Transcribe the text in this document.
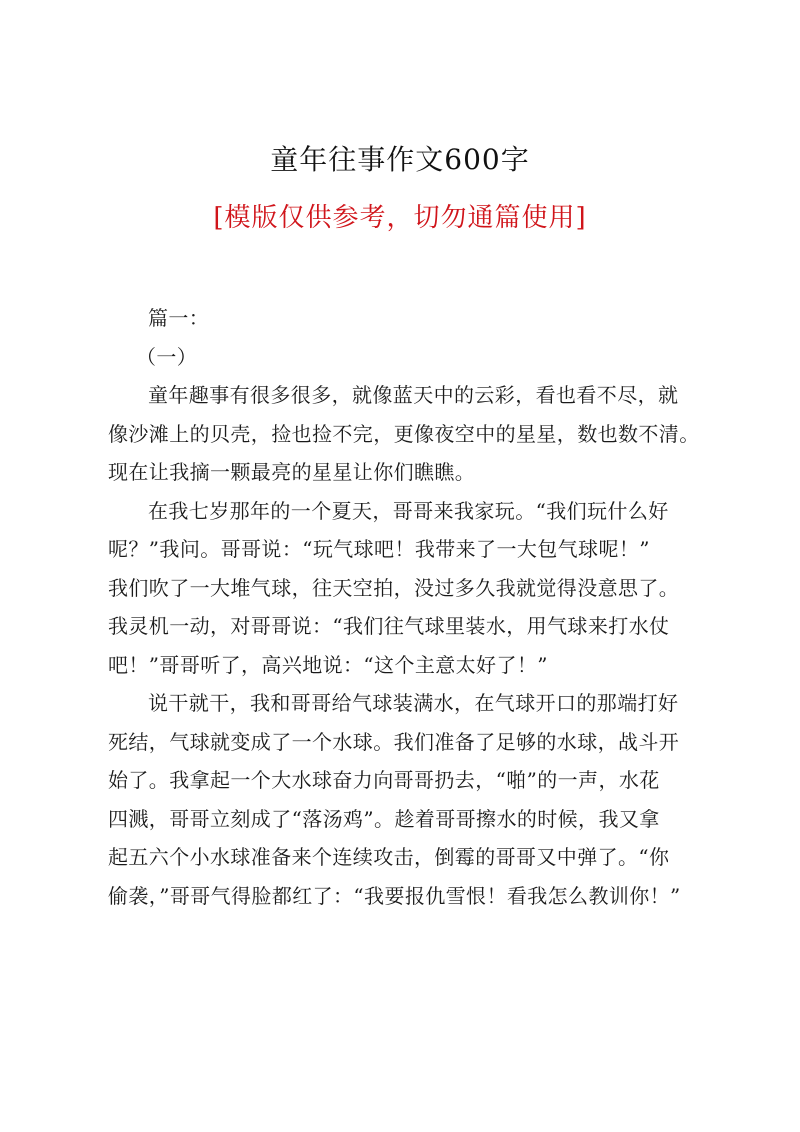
童年往事作文600字
[模版仅供参考，切勿通篇使用]
篇一：
（一）
童年趣事有很多很多，就像蓝天中的云彩，看也看不尽，就
像沙滩上的贝壳，捡也捡不完，更像夜空中的星星，数也数不清。
现在让我摘一颗最亮的星星让你们瞧瞧。
在我七岁那年的一个夏天，哥哥来我家玩。“我们玩什么好
呢？”我问。哥哥说：“玩气球吧！我带来了一大包气球呢！”
我们吹了一大堆气球，往天空拍，没过多久我就觉得没意思了。
我灵机一动，对哥哥说：“我们往气球里装水，用气球来打水仗
吧！”哥哥听了，高兴地说：“这个主意太好了！”
说干就干，我和哥哥给气球装满水，在气球开口的那端打好
死结，气球就变成了一个水球。我们准备了足够的水球，战斗开
始了。我拿起一个大水球奋力向哥哥扔去，“啪”的一声，水花
四溅，哥哥立刻成了“落汤鸡”。趁着哥哥擦水的时候，我又拿
起五六个小水球准备来个连续攻击，倒霉的哥哥又中弹了。“你
偷袭，”哥哥气得脸都红了：“我要报仇雪恨！看我怎么教训你！”
